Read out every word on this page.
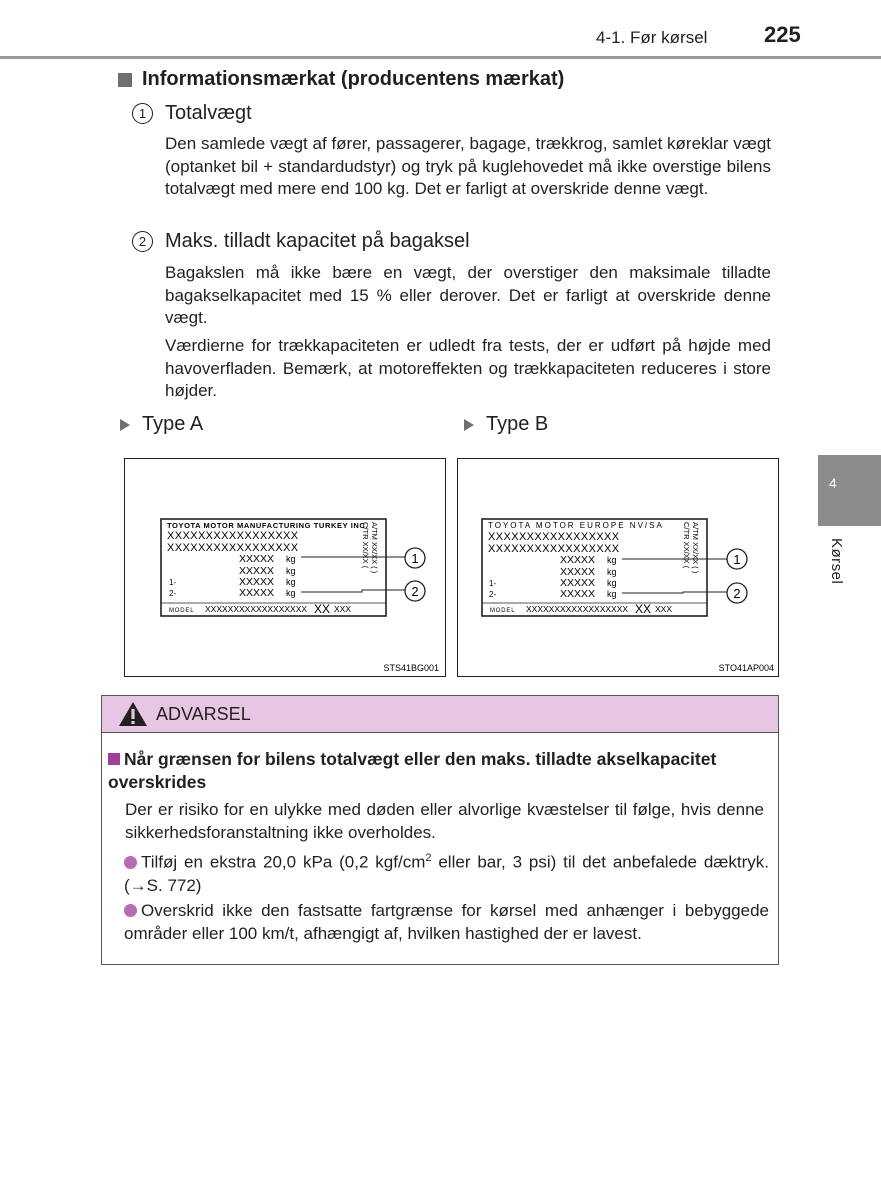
4-1. Før kørsel	225
4
Kørsel
Informationsmærkat (producentens mærkat)
1 Totalvægt
Den samlede vægt af fører, passagerer, bagage, trækkrog, samlet køreklar vægt (optanket bil + standardudstyr) og tryk på kuglehovedet må ikke overstige bilens totalvægt med mere end 100 kg. Det er farligt at overskride denne vægt.
2 Maks. tilladt kapacitet på bagaksel
Bagakslen må ikke bære en vægt, der overstiger den maksimale tilladte bagakselkapacitet med 15 % eller derover. Det er farligt at overskride denne vægt.
Værdierne for trækkapaciteten er udledt fra tests, der er udført på højde med havoverfladen. Bemærk, at motoreffekten og trækkapaciteten reduceres i store højder.
Type A	Type B
TOYOTA MOTOR MANUFACTURING TURKEY INC.
XXXXXXXXXXXXXXXXX
XXXXXXXXXXXXXXXXX
XXXXX kg
XXXXX kg
1-	XXXXX kg
2-	XXXXX kg
MODEL XXXXXXXXXXXXXXXXXX XX XXX
C/TR XX/XX ( A/TM XX/XX ( ) 1
2
STS41BG001
TOYOTA MOTOR EUROPE NV/SA
XXXXXXXXXXXXXXXXX
XXXXXXXXXXXXXXXXX
XXXXX kg
XXXXX kg
1-	XXXXX kg
2-	XXXXX kg
MODEL XXXXXXXXXXXXXXXXXX XX XXX
C/TR XX/XX ( A/TM XX/XX ( )	1
2
STO41AP004
ADVARSEL
Når grænsen for bilens totalvægt eller den maks. tilladte akselkapacitet overskrides
Der er risiko for en ulykke med døden eller alvorlige kvæstelser til følge, hvis denne sikkerhedsforanstaltning ikke overholdes.
Tilføj en ekstra 20,0 kPa (0,2 kgf/$cm^2$ eller bar, 3 psi) til det anbefalede dæktryk. (→S. 772)
Overskrid ikke den fastsatte fartgrænse for kørsel med anhænger i bebyggede områder eller 100 km/t, afhængigt af, hvilken hastighed der er lavest.
